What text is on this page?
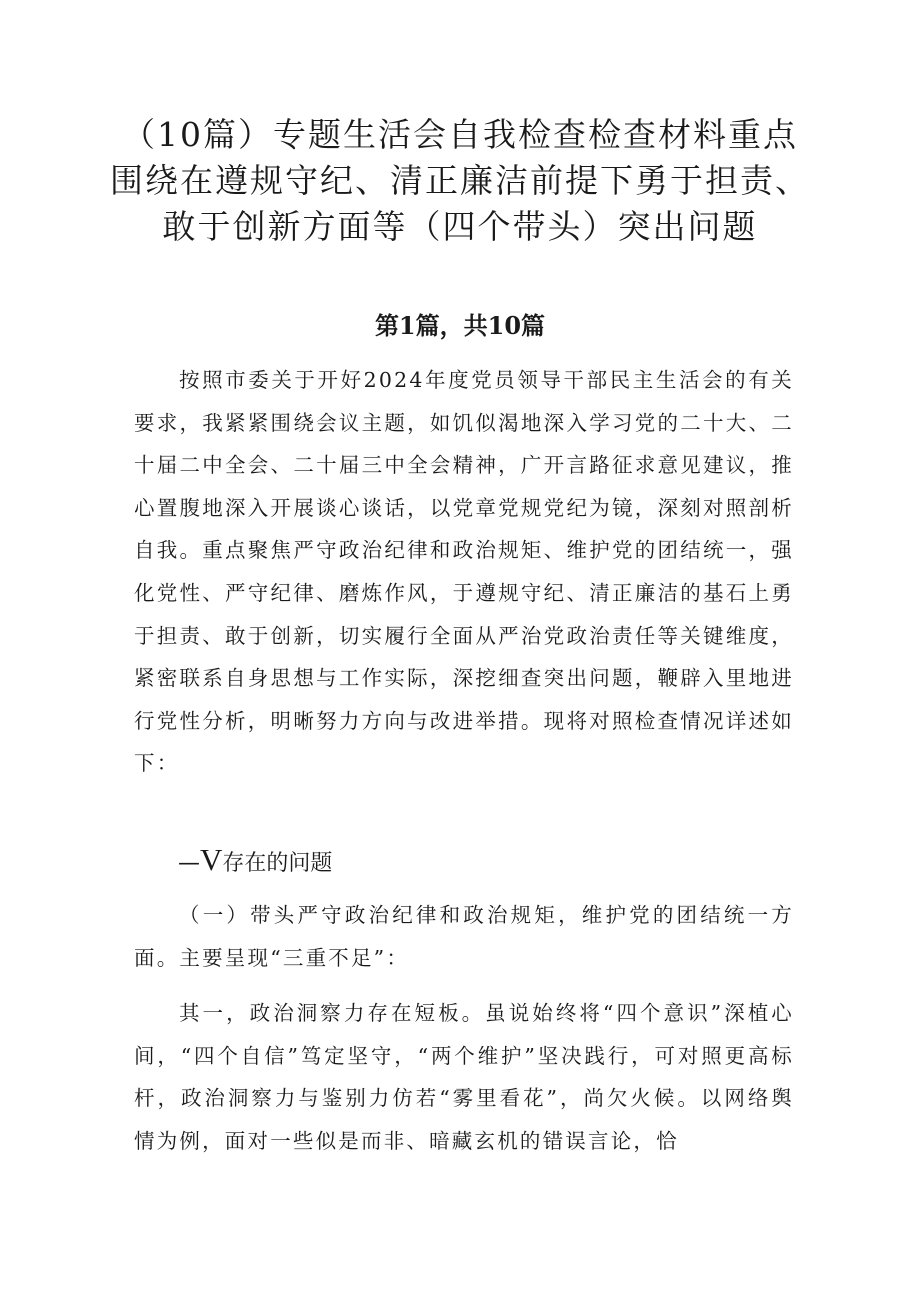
（10篇）专题生活会自我检查检查材料重点
围绕在遵规守纪、清正廉洁前提下勇于担责、
敢于创新方面等（四个带头）突出问题
第1篇，共10篇

按照市委关于开好2024年度党员领导干部民主生活会的有关要求，我紧紧围绕会议主题，如饥似渴地深入学习党的二十大、二十届二中全会、二十届三中全会精神，广开言路征求意见建议，推心置腹地深入开展谈心谈话，以党章党规党纪为镜，深刻对照剖析自我。重点聚焦严守政治纪律和政治规矩、维护党的团结统一，强化党性、严守纪律、磨炼作风，于遵规守纪、清正廉洁的基石上勇于担责、敢于创新，切实履行全面从严治党政治责任等关键维度，紧密联系自身思想与工作实际，深挖细查突出问题，鞭辟入里地进行党性分析，明晰努力方向与改进举措。现将对照检查情况详述如下：

—V存在的问题

（一）带头严守政治纪律和政治规矩，维护党的团结统一方面。主要呈现“三重不足”：

其一，政治洞察力存在短板。虽说始终将“四个意识”深植心间，“四个自信”笃定坚守，“两个维护”坚决践行，可对照更高标杆，政治洞察力与鉴别力仿若“雾里看花”，尚欠火候。以网络舆情为例，面对一些似是而非、暗藏玄机的错误言论，恰
